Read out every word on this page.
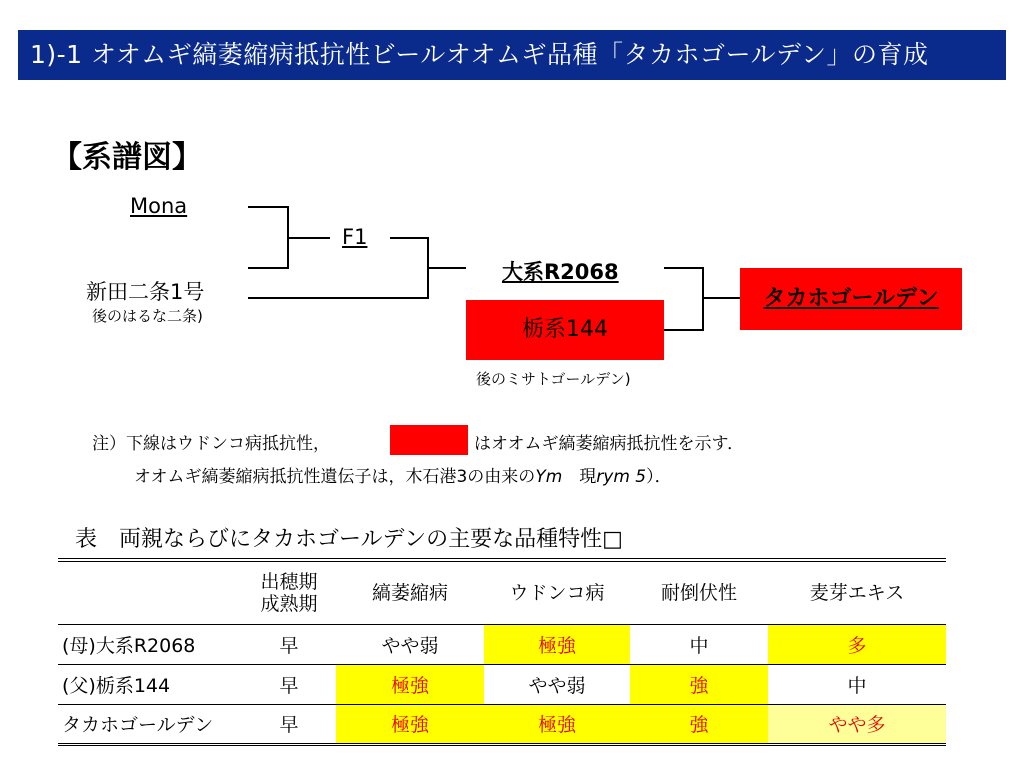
1)-1 オオムギ縞萎縮病抵抗性ビールオオムギ品種「タカホゴールデン」の育成
【系譜図】
Mona
新田二条1号
後のはるな二条)
F1
大系R2068
栃系144
後のミサトゴールデン)
タカホゴールデン
注）下線はウドンコ病抵抗性，	はオオムギ縞萎縮病抵抗性を示す．
オオムギ縞萎縮病抵抗性遺伝子は，木石港3の由来のYm　現rym 5）．
表　両親ならびにタカホゴールデンの主要な品種特性□
	出穂期
成熟期	縞萎縮病	ウドンコ病	耐倒伏性	麦芽エキス
(母)大系R2068	早	やや弱	極強	中	多
(父)栃系144	早	極強	やや弱	強	中
タカホゴールデン	早	極強	極強	強	やや多
